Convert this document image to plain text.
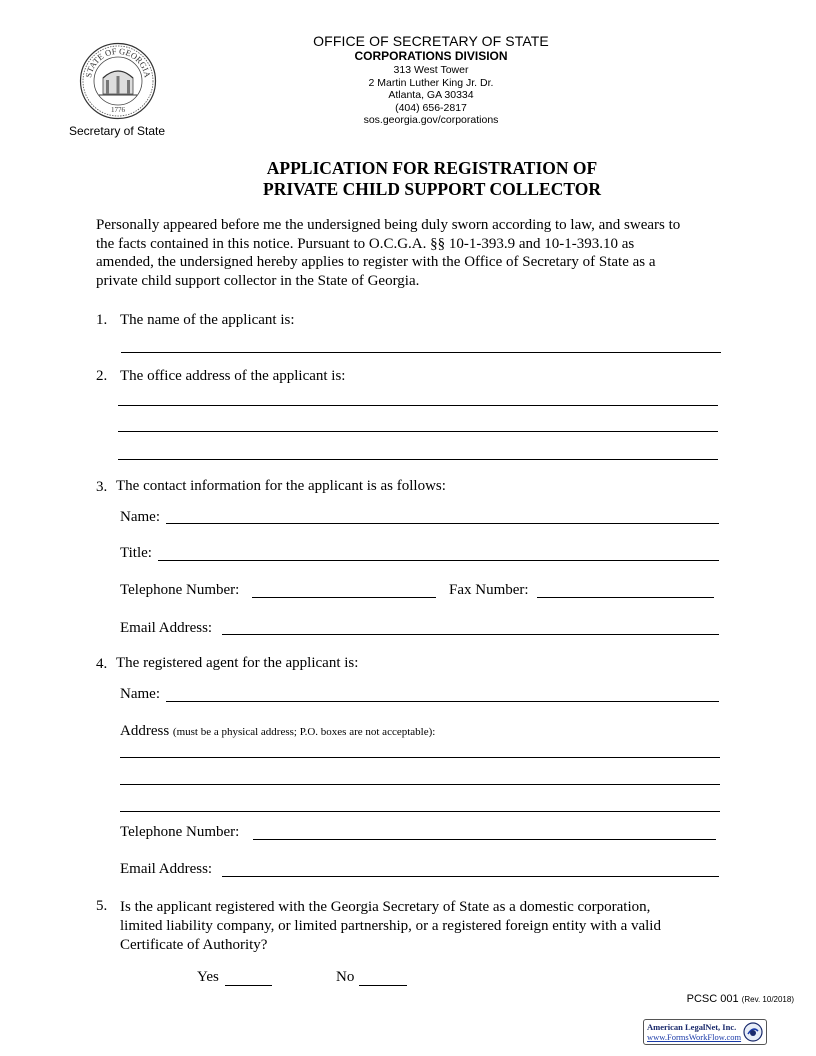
STATE OF GEORGIA
1776
Secretary of State
OFFICE OF SECRETARY OF STATE
CORPORATIONS DIVISION
313 West Tower
2 Martin Luther King Jr. Dr.
Atlanta, GA 30334
(404) 656-2817
sos.georgia.gov/corporations
APPLICATION FOR REGISTRATION OF
PRIVATE CHILD SUPPORT COLLECTOR
Personally appeared before me the undersigned being duly sworn according to law, and swears to
the facts contained in this notice. Pursuant to O.C.G.A. §§ 10-1-393.9 and 10-1-393.10 as
amended, the undersigned hereby applies to register with the Office of Secretary of State as a
private child support collector in the State of Georgia.
1. The name of the applicant is:
2. The office address of the applicant is:
3. The contact information for the applicant is as follows:
Name:
Title:
Telephone Number:	Fax Number:
Email Address:
4. The registered agent for the applicant is:
Name:
Address (must be a physical address; P.O. boxes are not acceptable):
Telephone Number:
Email Address:
5. Is the applicant registered with the Georgia Secretary of State as a domestic corporation,
limited liability company, or limited partnership, or a registered foreign entity with a valid
Certificate of Authority?
Yes	No
PCSC 001 (Rev. 10/2018)
American LegalNet, Inc.
www.FormsWorkFlow.com
